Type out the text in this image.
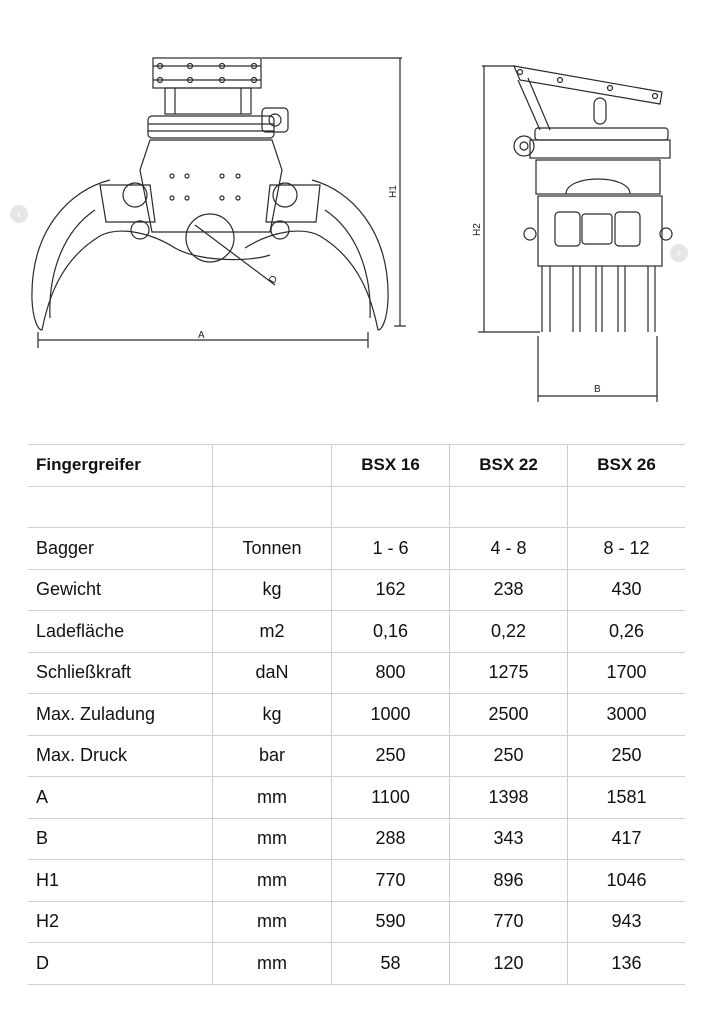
A
H1
D
H2
B
‹
›
Fingergreifer		BSX 16	BSX 22	BSX 26

Bagger	Tonnen	1 - 6	4 - 8	8 - 12
Gewicht	kg	162	238	430
Ladefläche	m2	0,16	0,22	0,26
Schließkraft	daN	800	1275	1700
Max. Zuladung	kg	1000	2500	3000
Max. Druck	bar	250	250	250
A	mm	1100	1398	1581
B	mm	288	343	417
H1	mm	770	896	1046
H2	mm	590	770	943
D	mm	58	120	136
